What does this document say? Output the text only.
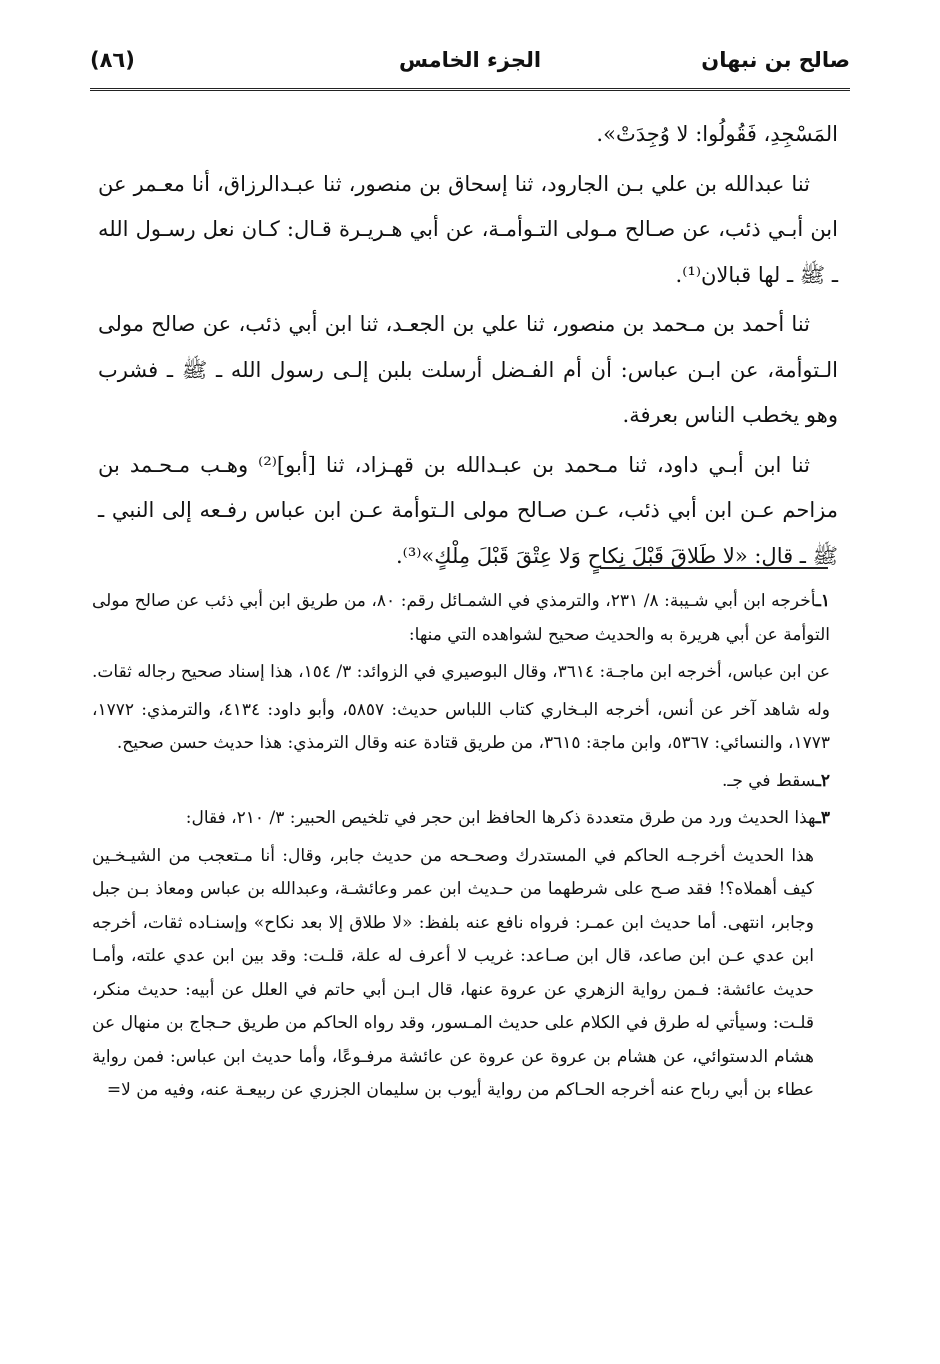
صالح بن نبهان
الجزء الخامس
(٨٦)

المَسْجِدِ، فَقُولُوا: لا وُجِدَتْ».

ثنا عبدالله بن علي بـن الجارود، ثنا إسحاق بن منصور، ثنا عبـدالرزاق، أنا معـمر عن ابن أبـي ذئب، عن صـالح مـولى التـوأمـة، عن أبي هـريـرة قـال: كـان نعل رسـول الله ـ ﷺ ـ لها قبالان⁽¹⁾.

ثنا أحمد بن مـحمد بن منصور، ثنا علي بن الجعـد، ثنا ابن أبي ذئب، عن صالح مولى الـتوأمة، عن ابـن عباس: أن أم الفـضل أرسلت بلبن إلـى رسول الله ـ ﷺ ـ فشرب وهو يخطب الناس بعرفة.

ثنا ابن أبـي داود، ثنا مـحمد بن عبـدالله بن قهـزاد، ثنا [أبو]⁽²⁾ وهـب مـحـمد بن مزاحم عـن ابن أبي ذئب، عـن صـالح مولى الـتوأمة عـن ابن عباس رفـعه إلى النبي ـ ﷺ ـ قال: «لا طَلاقَ قَبْلَ نِكاحٍ وَلا عِتْقَ قَبْلَ مِلْكٍ»⁽³⁾.

١ـأخرجه ابن أبي شـيبة: ٨/ ٢٣١، والترمذي في الشمـائل رقم: ٨٠، من طريق ابن أبي ذئب عن صالح مولى التوأمة عن أبي هريرة به والحديث صحيح لشواهده التي منها:

عن ابن عباس، أخرجه ابن ماجـة: ٣٦١٤، وقال البوصيري في الزوائد: ٣/ ١٥٤، هذا إسناد صحيح رجاله ثقات.

وله شاهد آخر عن أنس، أخرجه البـخاري كتاب اللباس حديث: ٥٨٥٧، وأبو داود: ٤١٣٤، والترمذي: ١٧٧٢، ١٧٧٣، والنسائي: ٥٣٦٧، وابن ماجة: ٣٦١٥، من طريق قتادة عنه وقال الترمذي: هذا حديث حسن صحيح.

٢ـسقط في جـ.

٣ـهذا الحديث ورد من طرق متعددة ذكرها الحافظ ابن حجر في تلخيص الحبير: ٣/ ٢١٠، فقال:

هذا الحديث أخرجـه الحاكم في المستدرك وصحـحه من حديث جابر، وقال: أنا مـتعجب من الشيـخـين كيف أهملاه؟! فقد صـح على شرطهما من حـديث ابن عمر وعائشـة، وعبدالله بن عباس ومعاذ بـن جبل وجابر، انتهى. أما حديث ابن عمـر: فرواه نافع عنه بلفظ: «لا طلاق إلا بعد نكاح» وإسنـاده ثقات، أخرجه ابن عدي عـن ابن صاعد، قال ابن صـاعد: غريب لا أعرف له علة، قلـت: وقد بين ابن عدي علته، وأمـا حديث عائشة: فـمن رواية الزهري عن عروة عنها، قال ابـن أبي حاتم في العلل عن أبيه: حديث منكر، قلـت: وسيأتي له طرق في الكلام على حديث المـسور، وقد رواه الحاكم من طريق حـجاج بن منهال عن هشام الدستوائي، عن هشام بن عروة عن عروة عن عائشة مرفـوعًا، وأما حديث ابن عباس: فمن رواية عطاء بن أبي رباح عنه أخرجه الحـاكم من رواية أيوب بن سليمان الجزري عن ربيعـة عنه، وفيه من لا=
